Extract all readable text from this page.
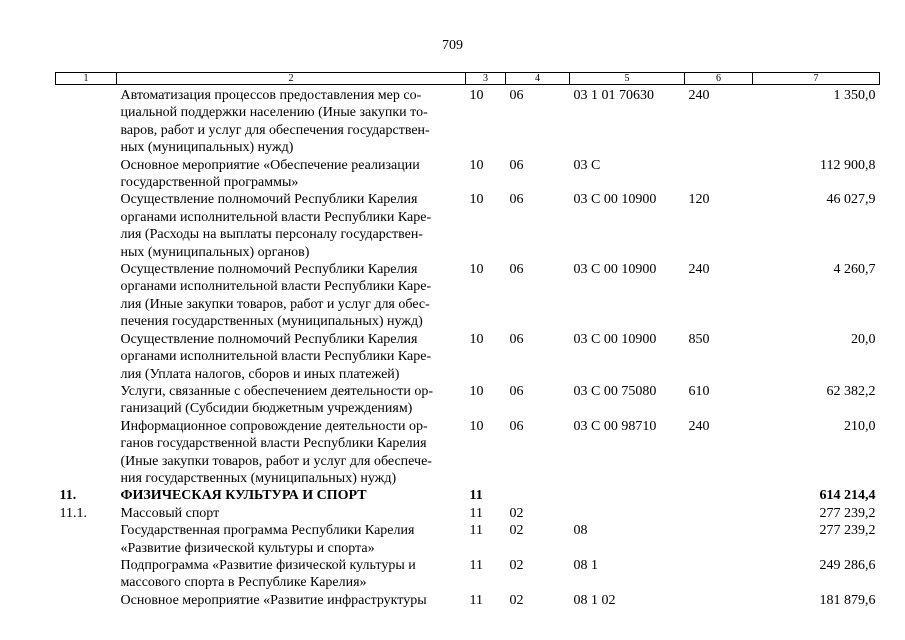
709
1	2	3	4	5	6	7
	Автоматизация процессов предоставления мер со-
циальной поддержки населению (Иные закупки то-
варов, работ и услуг для обеспечения государствен-
ных (муниципальных) нужд)	10	06	03 1 01 70630	240	1 350,0
	Основное мероприятие «Обеспечение реализации
государственной программы»	10	06	03 С		112 900,8
	Осуществление полномочий Республики Карелия
органами исполнительной власти Республики Каре-
лия (Расходы на выплаты персоналу государствен-
ных (муниципальных) органов)	10	06	03 С 00 10900	120	46 027,9
	Осуществление полномочий Республики Карелия
органами исполнительной власти Республики Каре-
лия (Иные закупки товаров, работ и услуг для обес-
печения государственных (муниципальных) нужд)	10	06	03 С 00 10900	240	4 260,7
	Осуществление полномочий Республики Карелия
органами исполнительной власти Республики Каре-
лия (Уплата налогов, сборов и иных платежей)	10	06	03 С 00 10900	850	20,0
	Услуги, связанные с обеспечением деятельности ор-
ганизаций (Субсидии бюджетным учреждениям)	10	06	03 С 00 75080	610	62 382,2
	Информационное сопровождение деятельности ор-
ганов государственной власти Республики Карелия
(Иные закупки товаров, работ и услуг для обеспече-
ния государственных (муниципальных) нужд)	10	06	03 С 00 98710	240	210,0
11.	ФИЗИЧЕСКАЯ КУЛЬТУРА И СПОРТ	11				614 214,4
11.1.	Массовый спорт	11	02			277 239,2
	Государственная программа Республики Карелия
«Развитие физической культуры и спорта»	11	02	08		277 239,2
	Подпрограмма «Развитие физической культуры и
массового спорта в Республике Карелия»	11	02	08 1		249 286,6
	Основное мероприятие «Развитие инфраструктуры	11	02	08 1 02		181 879,6
